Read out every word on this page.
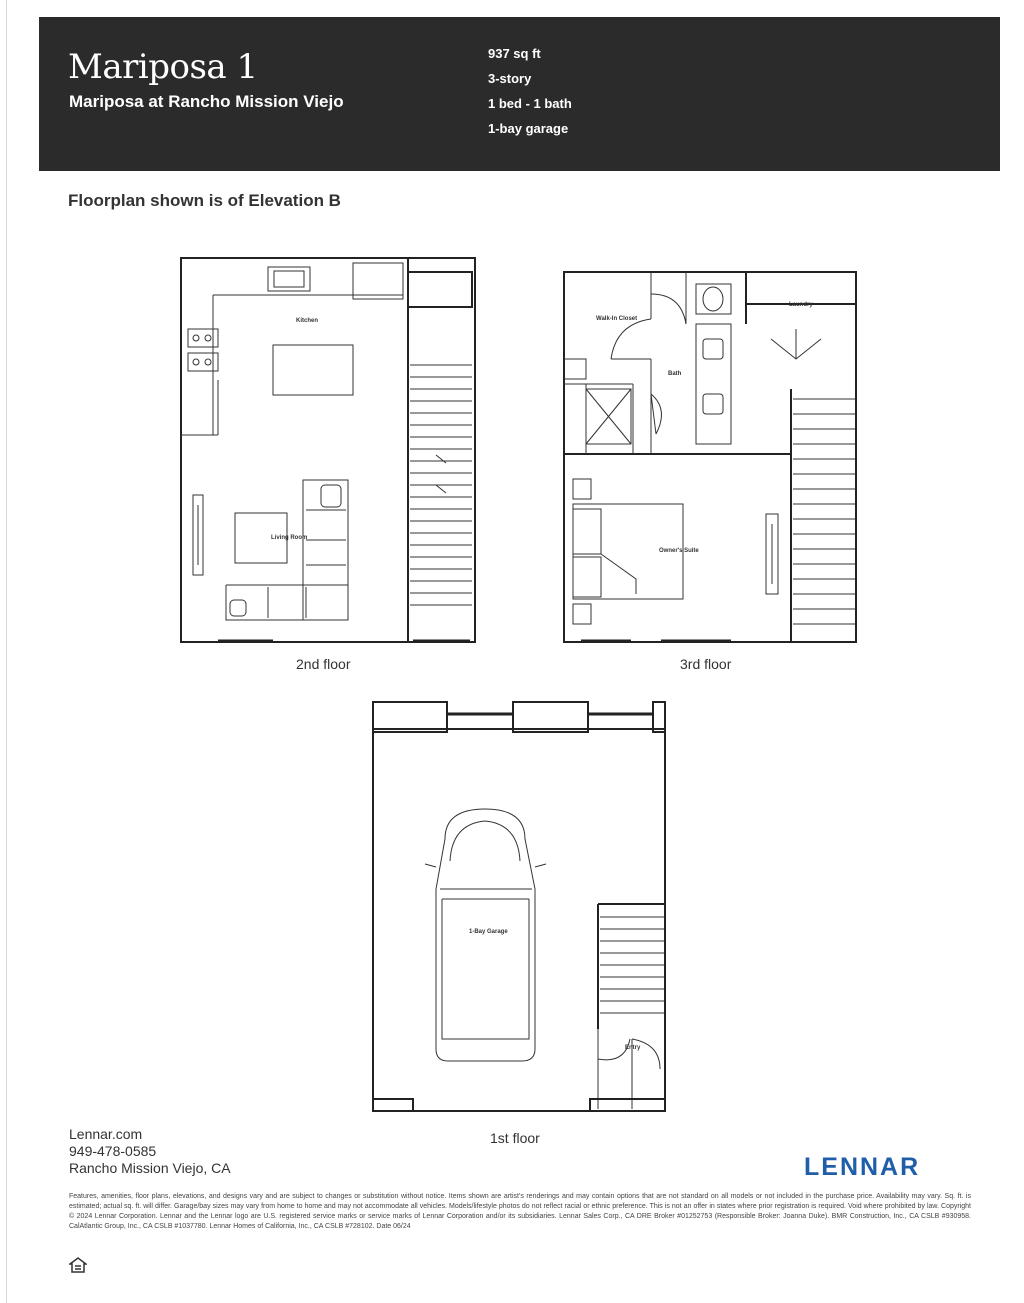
Mariposa 1
Mariposa at Rancho Mission Viejo
937 sq ft
3-story
1 bed - 1 bath
1-bay garage
Floorplan shown is of Elevation B
Kitchen
Living Room
2nd floor
Walk-In Closet
Bath
Laundry
Owner's Suite
3rd floor
1-Bay Garage
Entry
1st floor
Lennar.com
949-478-0585
Rancho Mission Viejo, CA	LENNAR
Features, amenities, floor plans, elevations, and designs vary and are subject to changes or substitution without notice. Items shown are artist's renderings and may contain options that are not standard on all models or not included in the purchase price. Availability may vary. Sq. ft. is estimated; actual sq. ft. will differ. Garage/bay sizes may vary from home to home and may not accommodate all vehicles. Models/lifestyle photos do not reflect racial or ethnic preference. This is not an offer in states where prior registration is required. Void where prohibited by law. Copyright © 2024 Lennar Corporation. Lennar and the Lennar logo are U.S. registered service marks or service marks of Lennar Corporation and/or its subsidiaries. Lennar Sales Corp., CA DRE Broker #01252753 (Responsible Broker: Joanna Duke). BMR Construction, Inc., CA CSLB #930958. CalAtlantic Group, Inc., CA CSLB #1037780. Lennar Homes of California, Inc., CA CSLB #728102. Date 06/24
